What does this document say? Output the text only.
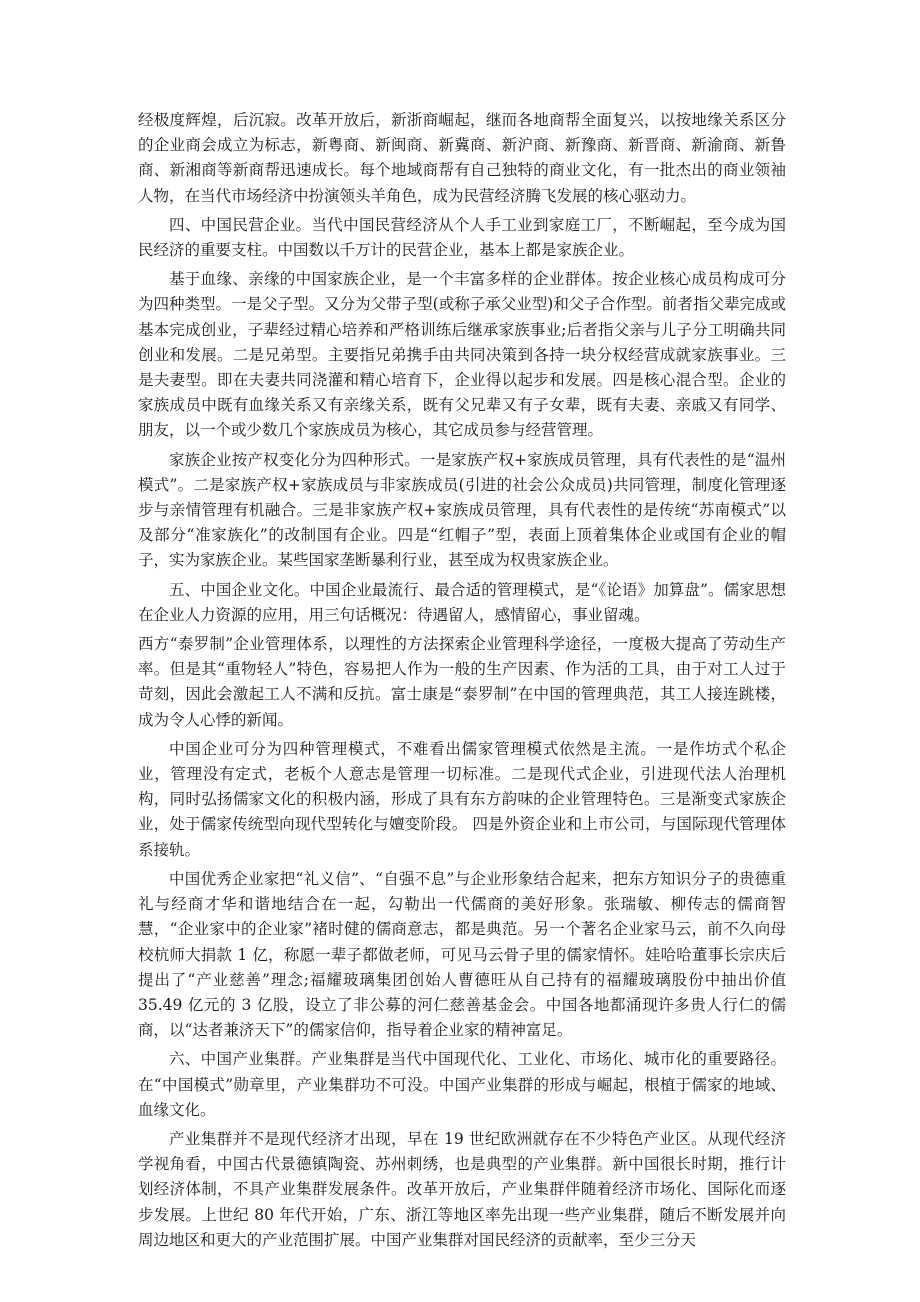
经极度辉煌，后沉寂。改革开放后，新浙商崛起，继而各地商帮全面复兴，以按地缘关系区分的企业商会成立为标志，新粤商、新闽商、新冀商、新沪商、新豫商、新晋商、新渝商、新鲁商、新湘商等新商帮迅速成长。每个地域商帮有自己独特的商业文化，有一批杰出的商业领袖人物，在当代市场经济中扮演领头羊角色，成为民营经济腾飞发展的核心驱动力。

四、中国民营企业。当代中国民营经济从个人手工业到家庭工厂，不断崛起，至今成为国民经济的重要支柱。中国数以千万计的民营企业，基本上都是家族企业。

基于血缘、亲缘的中国家族企业，是一个丰富多样的企业群体。按企业核心成员构成可分为四种类型。一是父子型。又分为父带子型(或称子承父业型)和父子合作型。前者指父辈完成或基本完成创业，子辈经过精心培养和严格训练后继承家族事业;后者指父亲与儿子分工明确共同创业和发展。二是兄弟型。主要指兄弟携手由共同决策到各持一块分权经营成就家族事业。三是夫妻型。即在夫妻共同浇灌和精心培育下，企业得以起步和发展。四是核心混合型。企业的家族成员中既有血缘关系又有亲缘关系，既有父兄辈又有子女辈，既有夫妻、亲戚又有同学、朋友，以一个或少数几个家族成员为核心，其它成员参与经营管理。

家族企业按产权变化分为四种形式。一是家族产权+家族成员管理，具有代表性的是“温州模式”。二是家族产权+家族成员与非家族成员(引进的社会公众成员)共同管理，制度化管理逐步与亲情管理有机融合。三是非家族产权+家族成员管理，具有代表性的是传统“苏南模式”以及部分“准家族化”的改制国有企业。四是“红帽子”型，表面上顶着集体企业或国有企业的帽子，实为家族企业。某些国家垄断暴利行业，甚至成为权贵家族企业。

五、中国企业文化。中国企业最流行、最合适的管理模式，是“《论语》加算盘”。儒家思想在企业人力资源的应用，用三句话概况：待遇留人，感情留心，事业留魂。

西方“泰罗制”企业管理体系，以理性的方法探索企业管理科学途径，一度极大提高了劳动生产率。但是其“重物轻人”特色，容易把人作为一般的生产因素、作为活的工具，由于对工人过于苛刻，因此会激起工人不满和反抗。富士康是“泰罗制”在中国的管理典范，其工人接连跳楼，成为令人心悸的新闻。

中国企业可分为四种管理模式，不难看出儒家管理模式依然是主流。一是作坊式个私企业，管理没有定式，老板个人意志是管理一切标准。二是现代式企业，引进现代法人治理机构，同时弘扬儒家文化的积极内涵，形成了具有东方韵味的企业管理特色。三是渐变式家族企业，处于儒家传统型向现代型转化与嬗变阶段。 四是外资企业和上市公司，与国际现代管理体系接轨。

中国优秀企业家把“礼义信”、“自强不息”与企业形象结合起来，把东方知识分子的贵德重礼与经商才华和谐地结合在一起，勾勒出一代儒商的美好形象。张瑞敏、柳传志的儒商智慧，“企业家中的企业家”褚时健的儒商意志，都是典范。另一个著名企业家马云，前不久向母校杭师大捐款 1 亿，称愿一辈子都做老师，可见马云骨子里的儒家情怀。娃哈哈董事长宗庆后提出了“产业慈善”理念;福耀玻璃集团创始人曹德旺从自己持有的福耀玻璃股份中抽出价值 35.49 亿元的 3 亿股，设立了非公募的河仁慈善基金会。中国各地都涌现许多贵人行仁的儒商，以“达者兼济天下”的儒家信仰，指导着企业家的精神富足。

六、中国产业集群。产业集群是当代中国现代化、工业化、市场化、城市化的重要路径。在“中国模式”勋章里，产业集群功不可没。中国产业集群的形成与崛起，根植于儒家的地域、血缘文化。

产业集群并不是现代经济才出现，早在 19 世纪欧洲就存在不少特色产业区。从现代经济学视角看，中国古代景德镇陶瓷、苏州刺绣，也是典型的产业集群。新中国很长时期，推行计划经济体制，不具产业集群发展条件。改革开放后，产业集群伴随着经济市场化、国际化而逐步发展。上世纪 80 年代开始，广东、浙江等地区率先出现一些产业集群，随后不断发展并向周边地区和更大的产业范围扩展。中国产业集群对国民经济的贡献率，至少三分天
